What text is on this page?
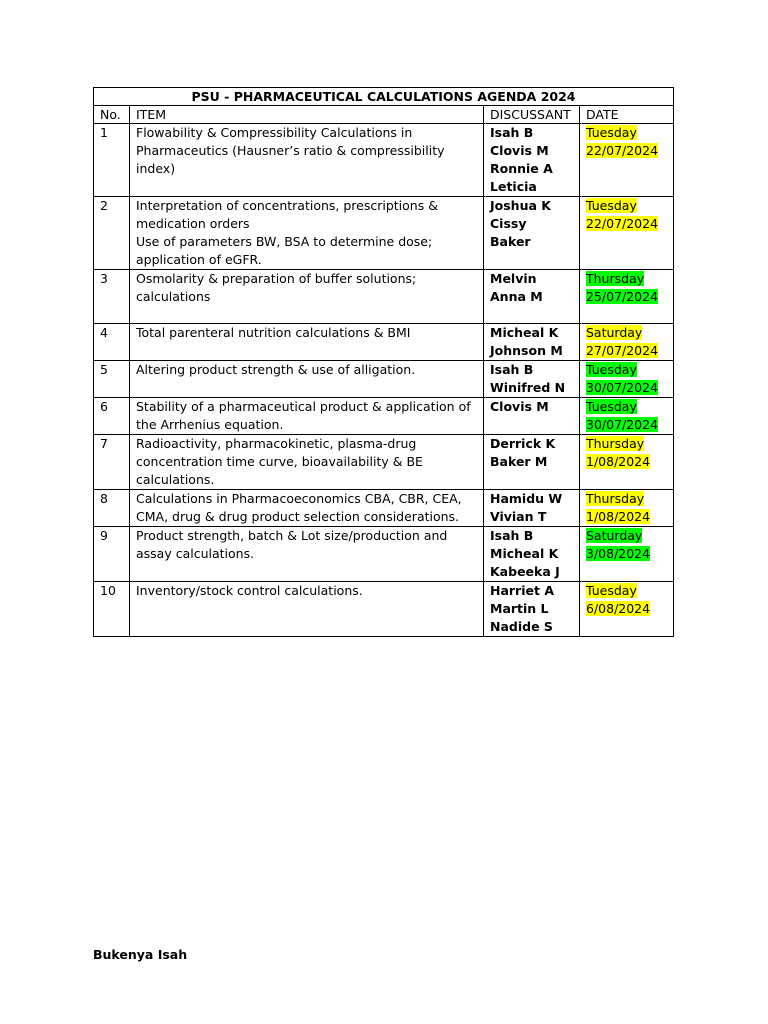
PSU - PHARMACEUTICAL CALCULATIONS AGENDA 2024			
No.	ITEM	DISCUSSANT	DATE
1	Flowability & Compressibility Calculations in
Pharmaceutics (Hausner’s ratio & compressibility
index)	Isah B
Clovis M
Ronnie A
Leticia	Tuesday
22/07/2024
2	Interpretation of concentrations, prescriptions &
medication orders
Use of parameters BW, BSA to determine dose;
application of eGFR.	Joshua K
Cissy
Baker	Tuesday
22/07/2024
3	Osmolarity & preparation of buffer solutions;
calculations	Melvin
Anna M	Thursday
25/07/2024
4	Total parenteral nutrition calculations & BMI	Micheal K
Johnson M	Saturday
27/07/2024
5	Altering product strength & use of alligation.	Isah B
Winifred N	Tuesday
30/07/2024
6	Stability of a pharmaceutical product & application of
the Arrhenius equation.	Clovis M	Tuesday
30/07/2024
7	Radioactivity, pharmacokinetic, plasma-drug
concentration time curve, bioavailability & BE
calculations.	Derrick K
Baker M	Thursday
1/08/2024
8	Calculations in Pharmacoeconomics CBA, CBR, CEA,
CMA, drug & drug product selection considerations.	Hamidu W
Vivian T	Thursday
1/08/2024
9	Product strength, batch & Lot size/production and
assay calculations.	Isah B
Micheal K
Kabeeka J	Saturday
3/08/2024
10	Inventory/stock control calculations.	Harriet A
Martin L
Nadide S	Tuesday
6/08/2024
Bukenya Isah
